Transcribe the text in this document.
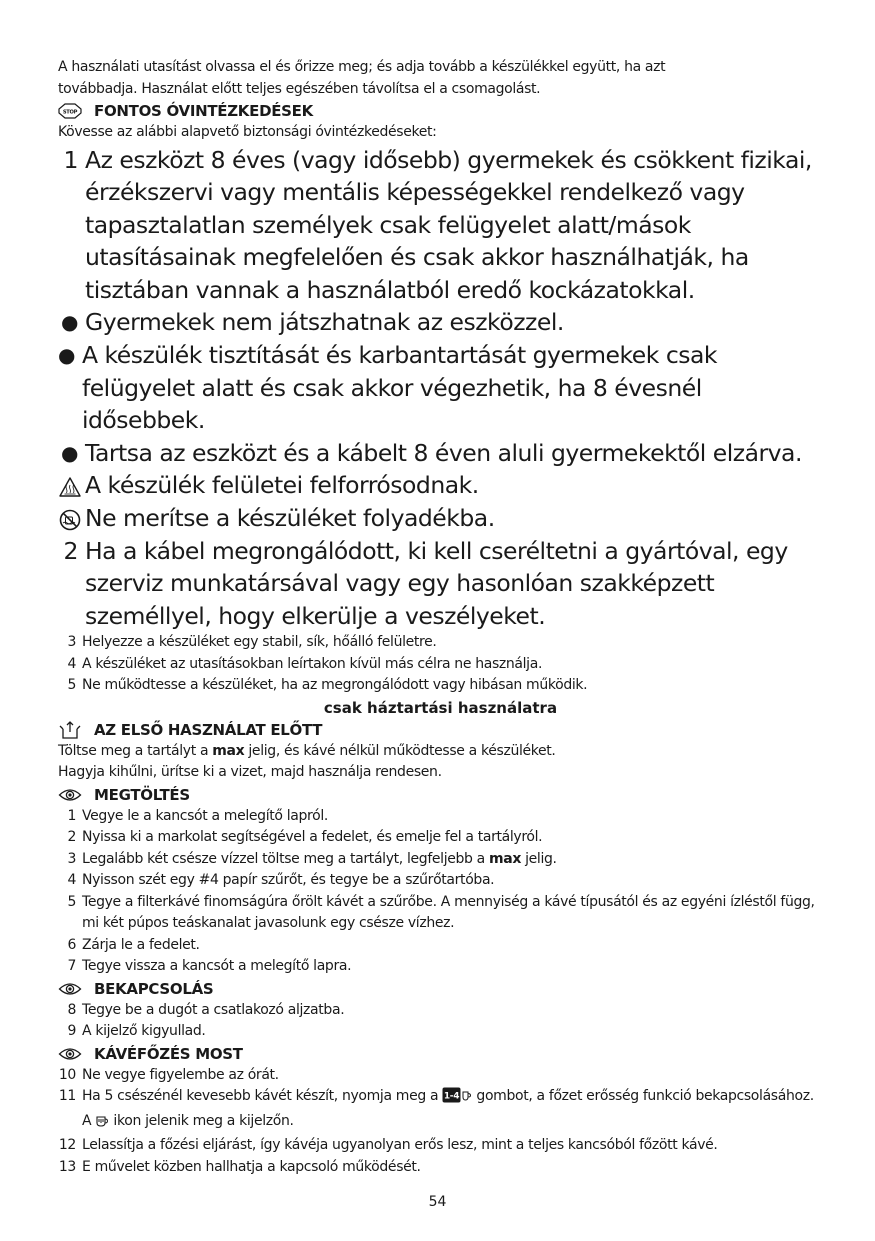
A használati utasítást olvassa el és őrizze meg; és adja tovább a készülékkel együtt, ha azt
továbbadja. Használat előtt teljes egészében távolítsa el a csomagolást.

STOP FONTOS ÓVINTÉZKEDÉSEK
Kövesse az alábbi alapvető biztonsági óvintézkedéseket:
1 Az eszközt 8 éves (vagy idősebb) gyermekek és csökkent fizikai, érzékszervi vagy mentális képességekkel rendelkező vagy tapasztalatlan személyek csak felügyelet alatt/mások utasításainak megfelelően és csak akkor használhatják, ha tisztában vannak a használatból eredő kockázatokkal.
● Gyermekek nem játszhatnak az eszközzel.
● A készülék tisztítását és karbantartását gyermekek csak felügyelet alatt és csak akkor végezhetik, ha 8 évesnél idősebbek.
● Tartsa az eszközt és a kábelt 8 éven aluli gyermekektől elzárva.
A készülék felületei felforrósodnak.
Ne merítse a készüléket folyadékba.
2 Ha a kábel megrongálódott, ki kell cseréltetni a gyártóval, egy szerviz munkatársával vagy egy hasonlóan szakképzett személlyel, hogy elkerülje a veszélyeket.
3 Helyezze a készüléket egy stabil, sík, hőálló felületre.
4 A készüléket az utasításokban leírtakon kívül más célra ne használja.
5 Ne működtesse a készüléket, ha az megrongálódott vagy hibásan működik.
csak háztartási használatra
AZ ELSŐ HASZNÁLAT ELŐTT
Töltse meg a tartályt a max jelig, és kávé nélkül működtesse a készüléket.
Hagyja kihűlni, ürítse ki a vizet, majd használja rendesen.
MEGTÖLTÉS
1 Vegye le a kancsót a melegítő lapról.
2 Nyissa ki a markolat segítségével a fedelet, és emelje fel a tartályról.
3 Legalább két csésze vízzel töltse meg a tartályt, legfeljebb a max jelig.
4 Nyisson szét egy #4 papír szűrőt, és tegye be a szűrőtartóba.
5 Tegye a filterkávé finomságúra őrölt kávét a szűrőbe. A mennyiség a kávé típusától és az egyéni ízléstől függ, mi két púpos teáskanalat javasolunk egy csésze vízhez.
6 Zárja le a fedelet.
7 Tegye vissza a kancsót a melegítő lapra.
BEKAPCSOLÁS
8 Tegye be a dugót a csatlakozó aljzatba.
9 A kijelző kigyullad.
KÁVÉFŐZÉS MOST
10 Ne vegye figyelembe az órát.
11 Ha 5 csészénél kevesebb kávét készít, nyomja meg a 1-4 gombot, a főzet erősség funkció bekapcsolásához. A  ikon jelenik meg a kijelzőn.
12 Lelassítja a főzési eljárást, így kávéja ugyanolyan erős lesz, mint a teljes kancsóból főzött kávé.
13 E művelet közben hallhatja a kapcsoló működését.
54
